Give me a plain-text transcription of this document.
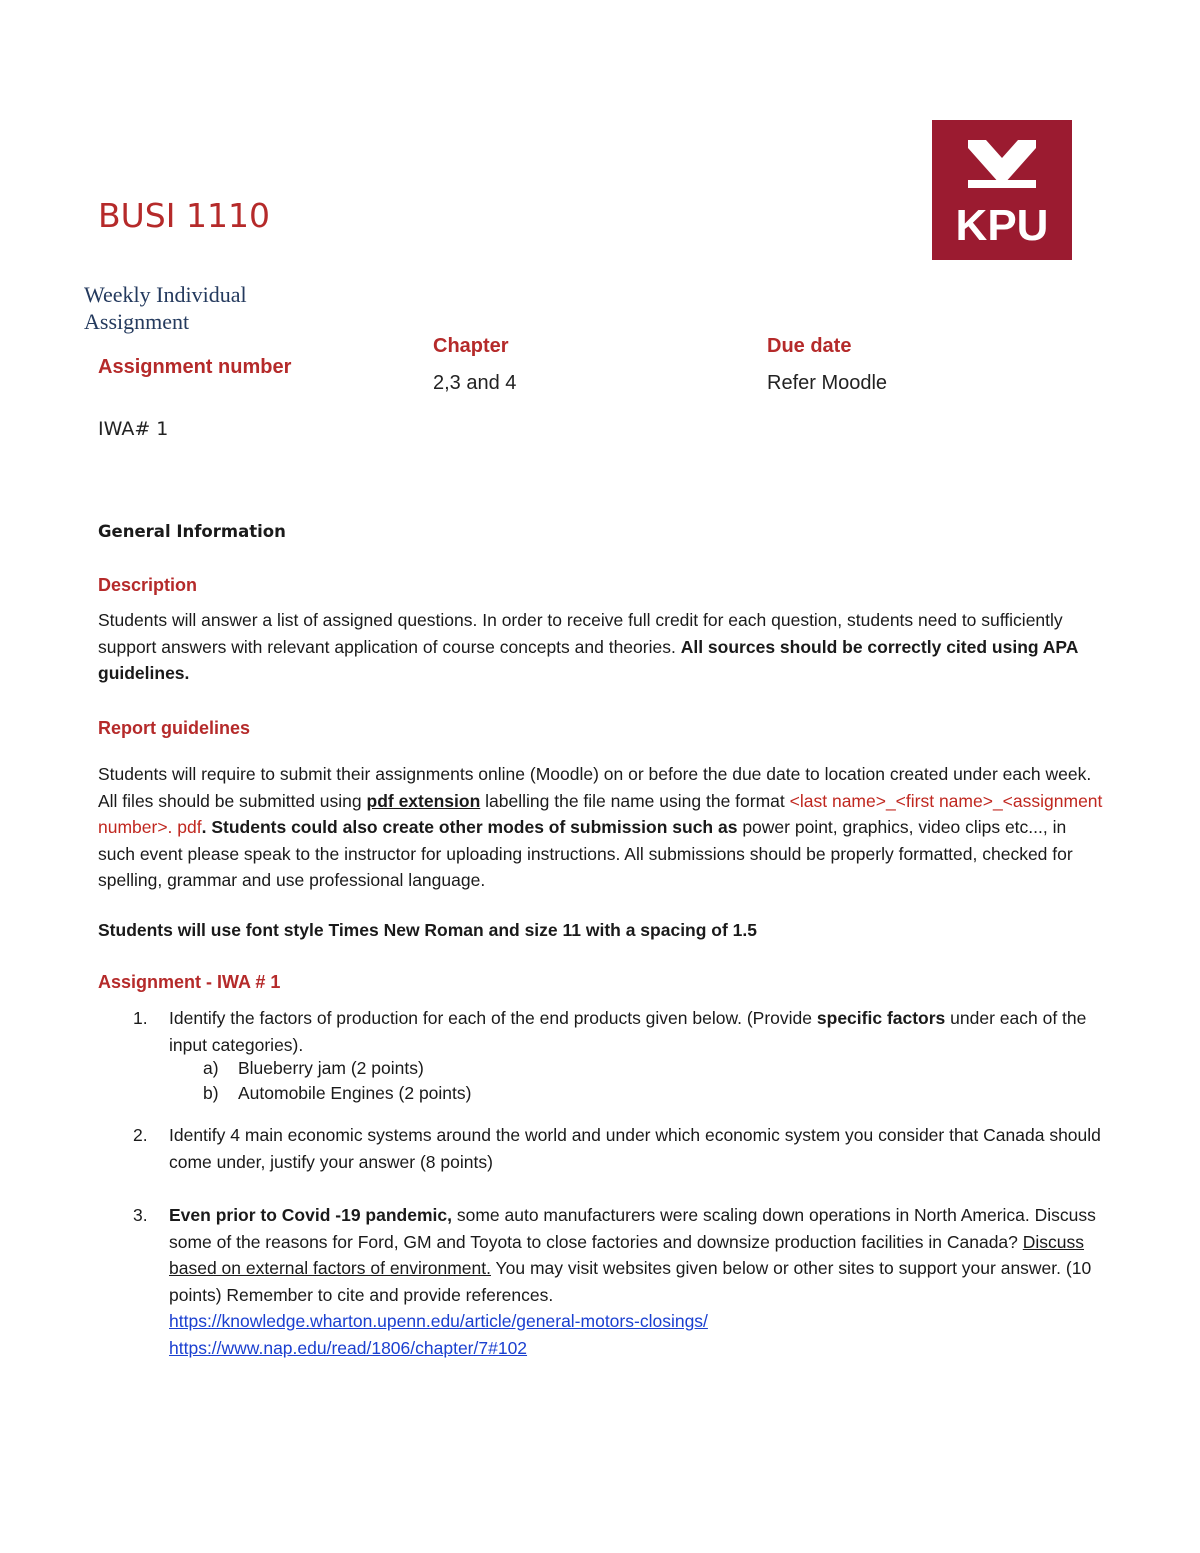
BUSI 1110	KPU
Weekly Individual
Assignment
Assignment number
IWA# 1
Chapter
2,3 and 4
Due date
Refer Moodle
General Information
Description
Students will answer a list of assigned questions. In order to receive full credit for each question, students need to sufficiently support answers with relevant application of course concepts and theories. All sources should be correctly cited using APA guidelines.
Report guidelines
Students will require to submit their assignments online (Moodle) on or before the due date to location created under each week. All files should be submitted using pdf extension labelling the file name using the format <last name>_<first name>_<assignment number>. pdf. Students could also create other modes of submission such as power point, graphics, video clips etc..., in such event please speak to the instructor for uploading instructions. All submissions should be properly formatted, checked for spelling, grammar and use professional language.
Students will use font style Times New Roman and size 11 with a spacing of 1.5
Assignment - IWA # 1
1. Identify the factors of production for each of the end products given below. (Provide specific factors under each of the input categories).
a) Blueberry jam (2 points)
b) Automobile Engines (2 points)
2. Identify 4 main economic systems around the world and under which economic system you consider that Canada should come under, justify your answer (8 points)
3. Even prior to Covid -19 pandemic, some auto manufacturers were scaling down operations in North America. Discuss some of the reasons for Ford, GM and Toyota to close factories and downsize production facilities in Canada? Discuss based on external factors of environment. You may visit websites given below or other sites to support your answer. (10 points) Remember to cite and provide references.
https://knowledge.wharton.upenn.edu/article/general-motors-closings/
https://www.nap.edu/read/1806/chapter/7#102
